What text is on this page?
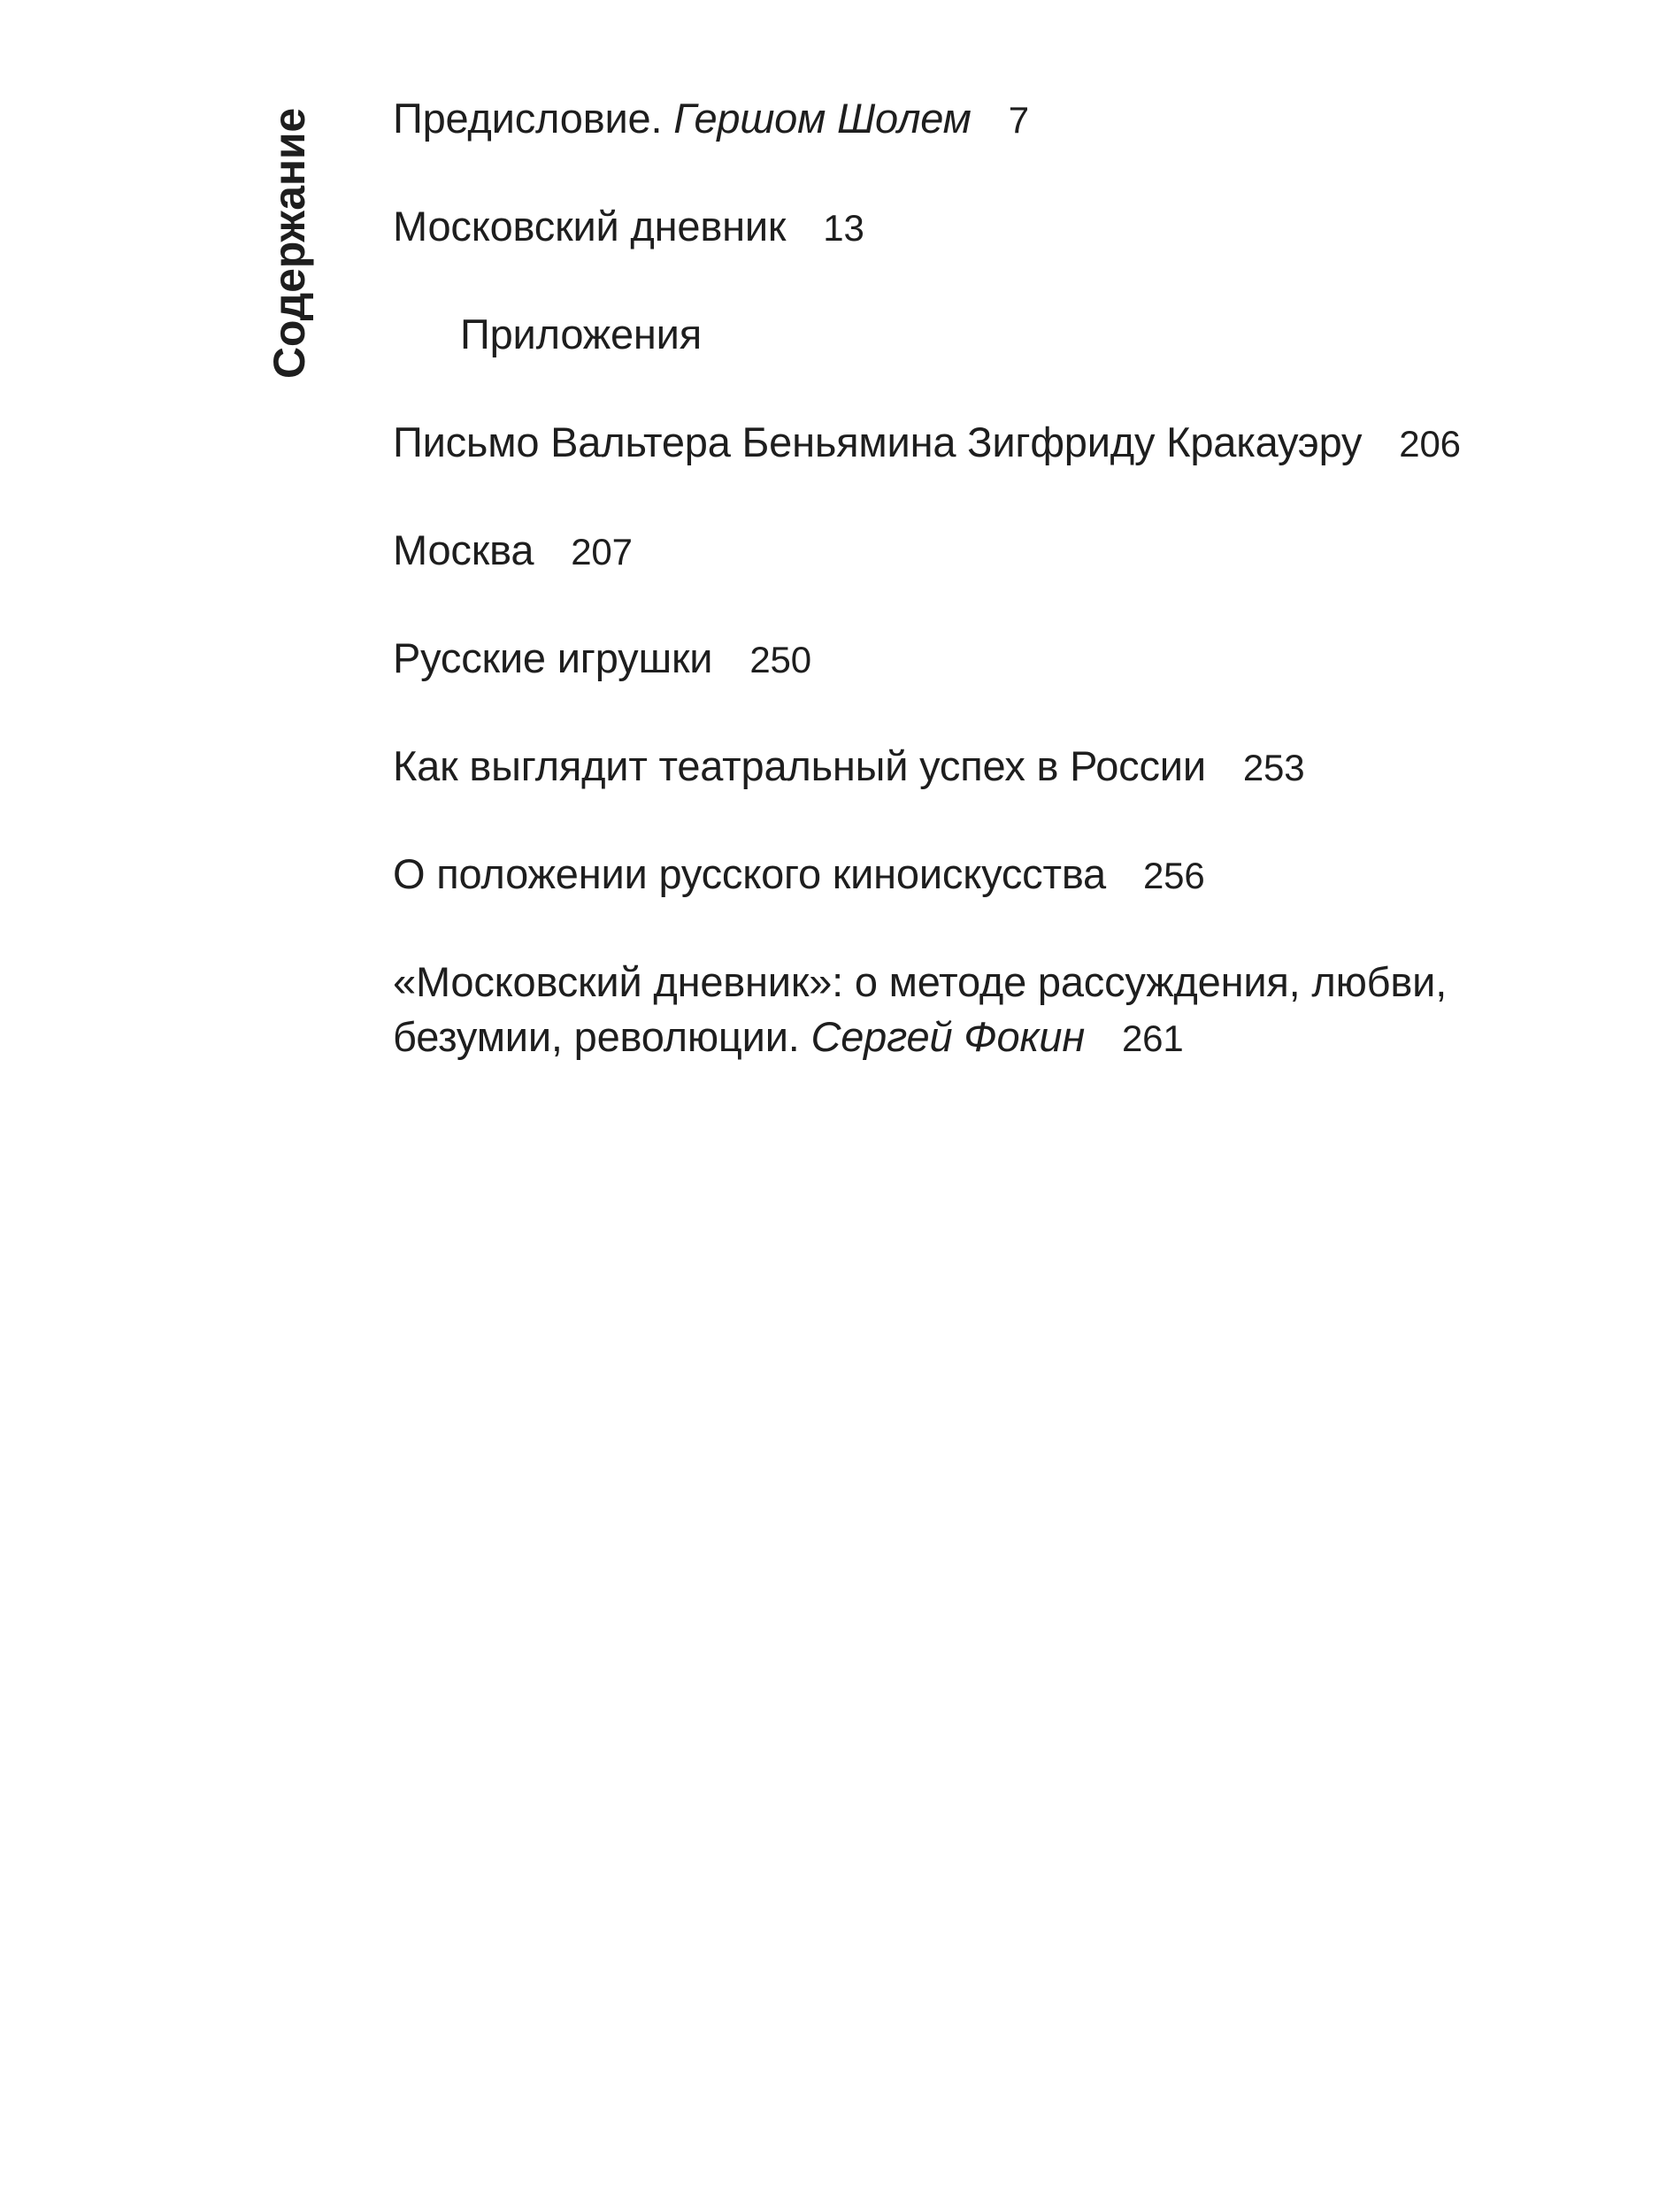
Содержание Предисловие. Гершом Шолем 7
Московский дневник 13
Приложения
Письмо Вальтера Беньямина Зигфриду Кракауэру 206
Москва 207
Русские игрушки 250
Как выглядит театральный успех в России 253
О положении русского киноискусства 256
«Московский дневник»: о методе рассуждения, любви,
безумии, революции. Сергей Фокин 261
